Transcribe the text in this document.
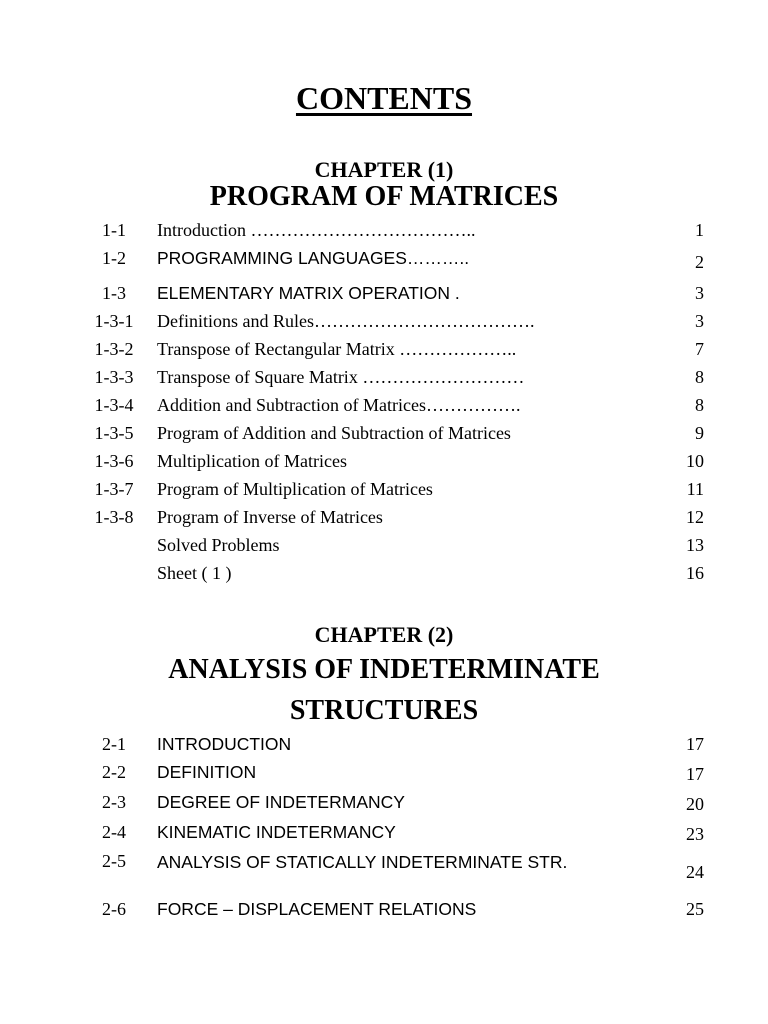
CONTENTS
CHAPTER (1)
PROGRAM OF MATRICES
1-1	Introduction ………………………………..	1
1-2	PROGRAMMING LANGUAGES………..	2
1-3	ELEMENTARY MATRIX OPERATION .	3
1-3-1	Definitions and Rules……………………………….	3
1-3-2	Transpose of Rectangular Matrix ………………..	7
1-3-3	Transpose of Square Matrix ………………………	8
1-3-4	Addition and Subtraction of Matrices…………….	8
1-3-5	Program of Addition and Subtraction of Matrices	9
1-3-6	Multiplication of Matrices	10
1-3-7	Program of Multiplication of Matrices	11
1-3-8	Program of Inverse of Matrices	12
Solved Problems	13
Sheet ( 1 )	16
CHAPTER (2)
ANALYSIS OF INDETERMINATE
STRUCTURES
2-1	INTRODUCTION	17
2-2	DEFINITION	17
2-3	DEGREE OF INDETERMANCY	20
2-4	KINEMATIC INDETERMANCY	23
2-5	ANALYSIS OF STATICALLY INDETERMINATE STR.	24
2-6	FORCE – DISPLACEMENT RELATIONS	25
